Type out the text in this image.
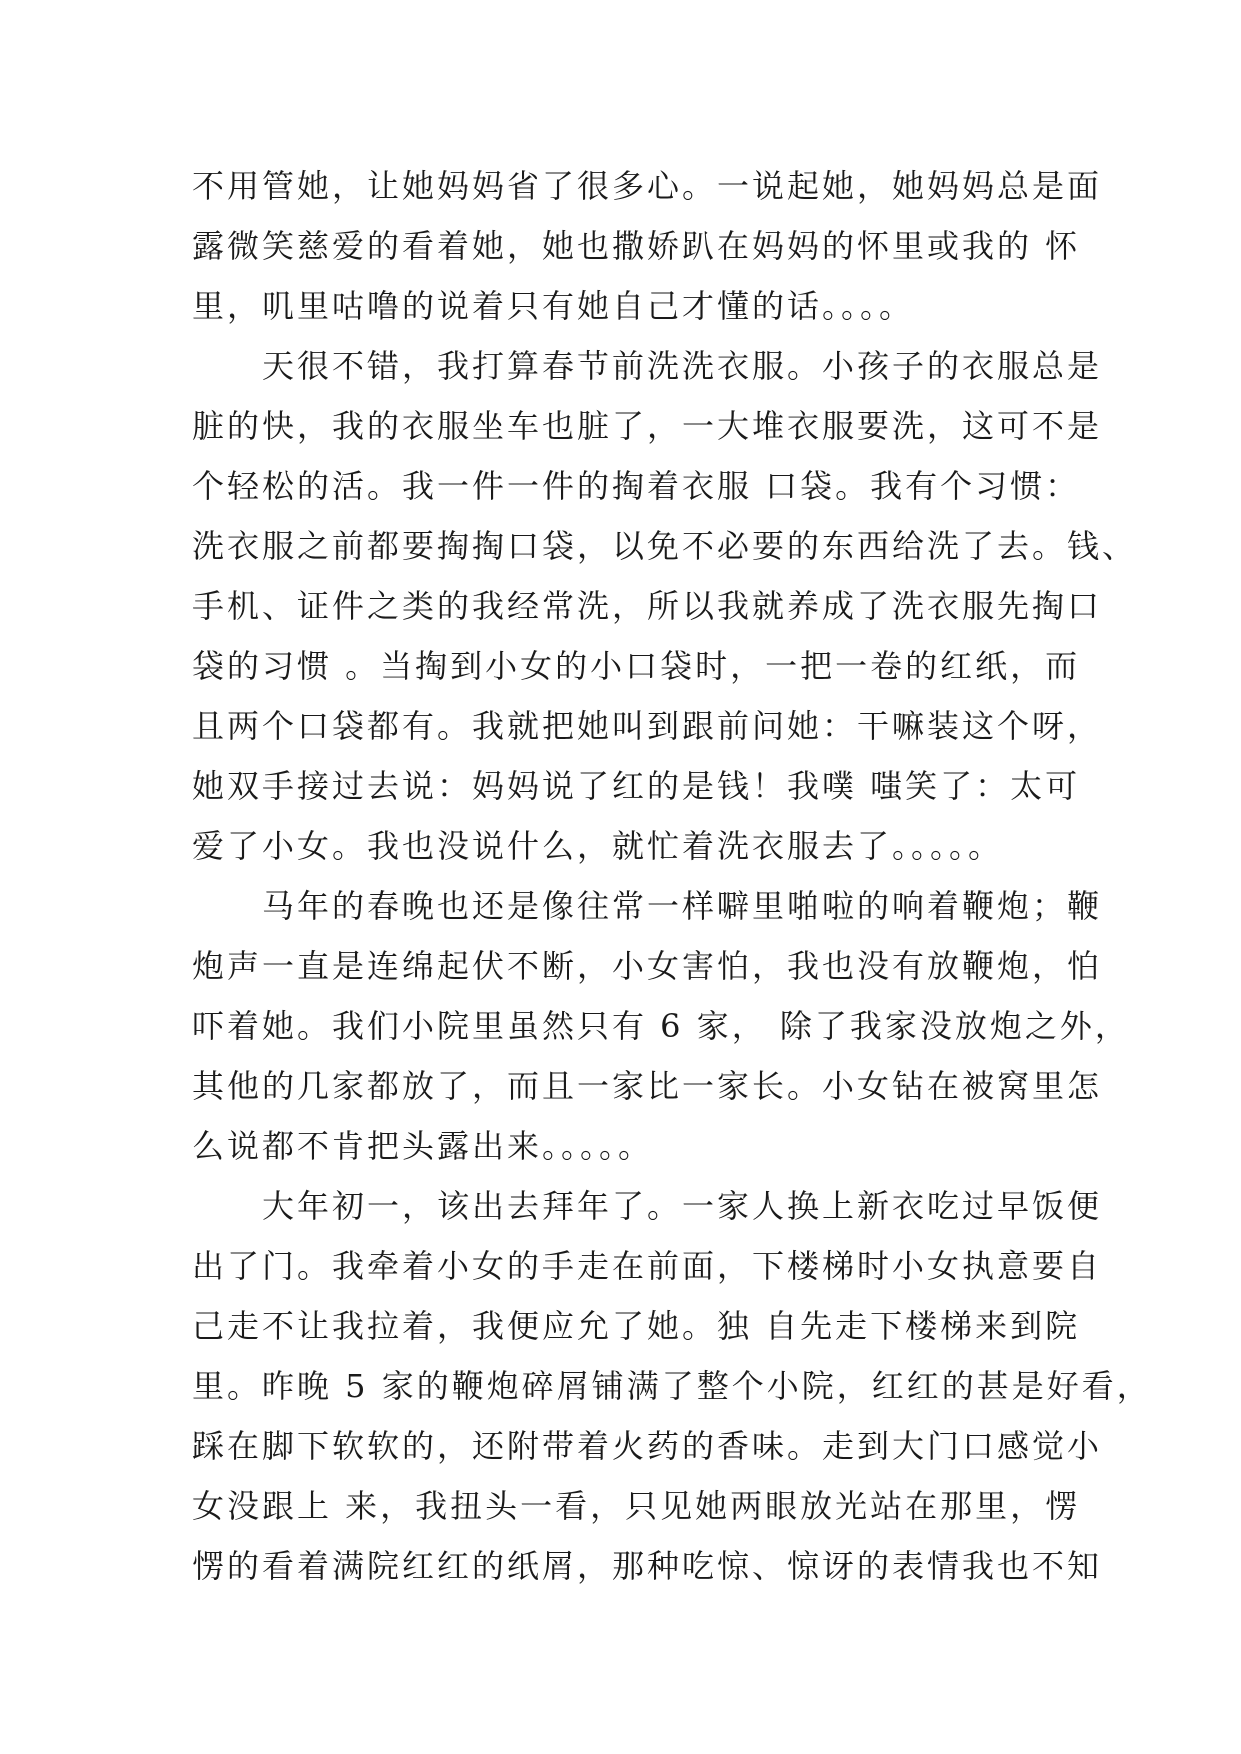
不用管她，让她妈妈省了很多心。一说起她，她妈妈总是面
露微笑慈爱的看着她，她也撒娇趴在妈妈的怀里或我的 怀
里，叽里咕噜的说着只有她自己才懂的话。。。。
　　天很不错，我打算春节前洗洗衣服。小孩子的衣服总是
脏的快，我的衣服坐车也脏了，一大堆衣服要洗，这可不是
个轻松的活。我一件一件的掏着衣服 口袋。我有个习惯：
洗衣服之前都要掏掏口袋，以免不必要的东西给洗了去。钱、
手机、证件之类的我经常洗，所以我就养成了洗衣服先掏口
袋的习惯 。当掏到小女的小口袋时，一把一卷的红纸，而
且两个口袋都有。我就把她叫到跟前问她：干嘛装这个呀，
她双手接过去说：妈妈说了红的是钱！我噗 嗤笑了：太可
爱了小女。我也没说什么，就忙着洗衣服去了。。。。。
　　马年的春晚也还是像往常一样噼里啪啦的响着鞭炮；鞭
炮声一直是连绵起伏不断，小女害怕，我也没有放鞭炮，怕
吓着她。我们小院里虽然只有 6 家， 除了我家没放炮之外，
其他的几家都放了，而且一家比一家长。小女钻在被窝里怎
么说都不肯把头露出来。。。。。
　　大年初一，该出去拜年了。一家人换上新衣吃过早饭便
出了门。我牵着小女的手走在前面，下楼梯时小女执意要自
己走不让我拉着，我便应允了她。独 自先走下楼梯来到院
里。昨晚 5 家的鞭炮碎屑铺满了整个小院，红红的甚是好看，
踩在脚下软软的，还附带着火药的香味。走到大门口感觉小
女没跟上 来，我扭头一看，只见她两眼放光站在那里，愣
愣的看着满院红红的纸屑，那种吃惊、惊讶的表情我也不知
